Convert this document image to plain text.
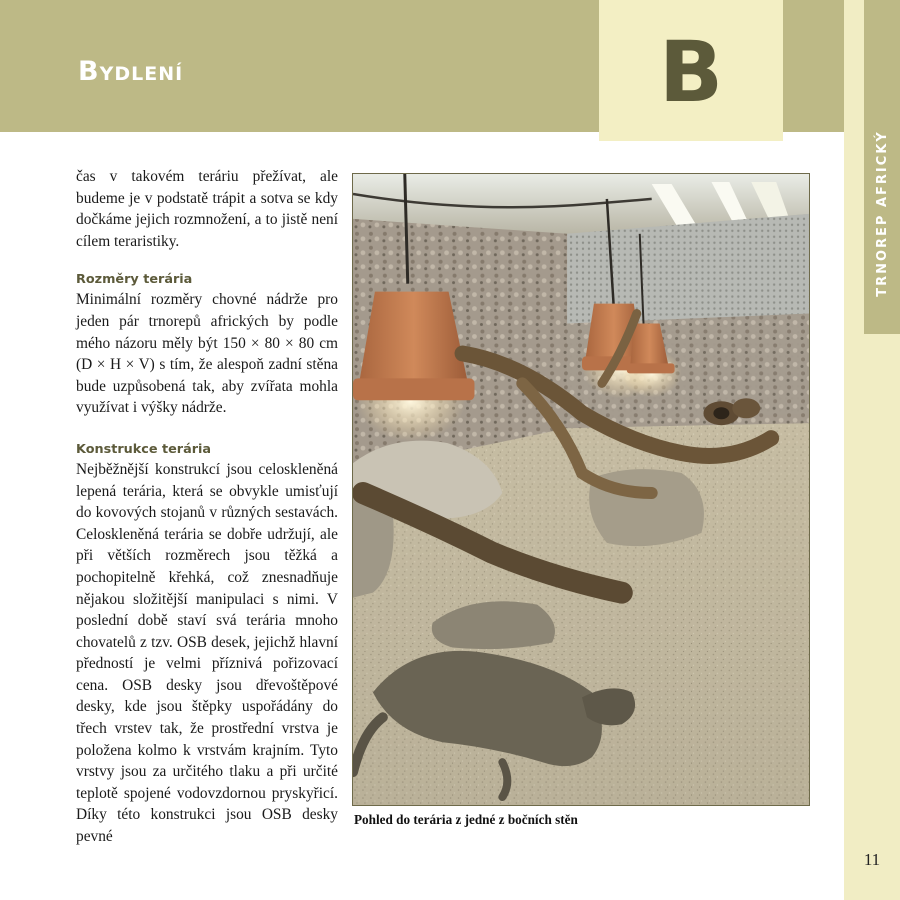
Bydlení	B
TRNOREP AFRICKÝ

čas v takovém teráriu přežívat, ale budeme je v podstatě trápit a sotva se kdy dočkáme jejich rozmnožení, a to jistě není cílem teraristiky.

Rozměry terária

Minimální rozměry chovné nádrže pro jeden pár trnorepů afrických by podle mého názoru měly být 150 × 80 × 80 cm (D × H × V) s tím, že alespoň zadní stěna bude uzpůsobená tak, aby zvířata mohla využívat i výšky nádrže.

Konstrukce terária

Nejběžnější konstrukcí jsou celoskleněná lepená terária, která se obvykle umisťují do kovových stojanů v různých sestavách. Celoskleněná terária se dobře udržují, ale při větších rozměrech jsou těžká a pochopitelně křehká, což znesnadňuje nějakou složitější manipulaci s nimi. V poslední době staví svá terária mnoho chovatelů z tzv. OSB desek, jejichž hlavní předností je velmi příznivá pořizovací cena. OSB desky jsou dřevoštěpové desky, kde jsou štěpky uspořádány do třech vrstev tak, že prostřední vrstva je položena kolmo k vrstvám krajním. Tyto vrstvy jsou za určitého tlaku a při určité teplotě spojené vodovzdornou pryskyřicí. Díky této konstrukci jsou OSB desky pevné

Pohled do terária z jedné z bočních stěn
11
